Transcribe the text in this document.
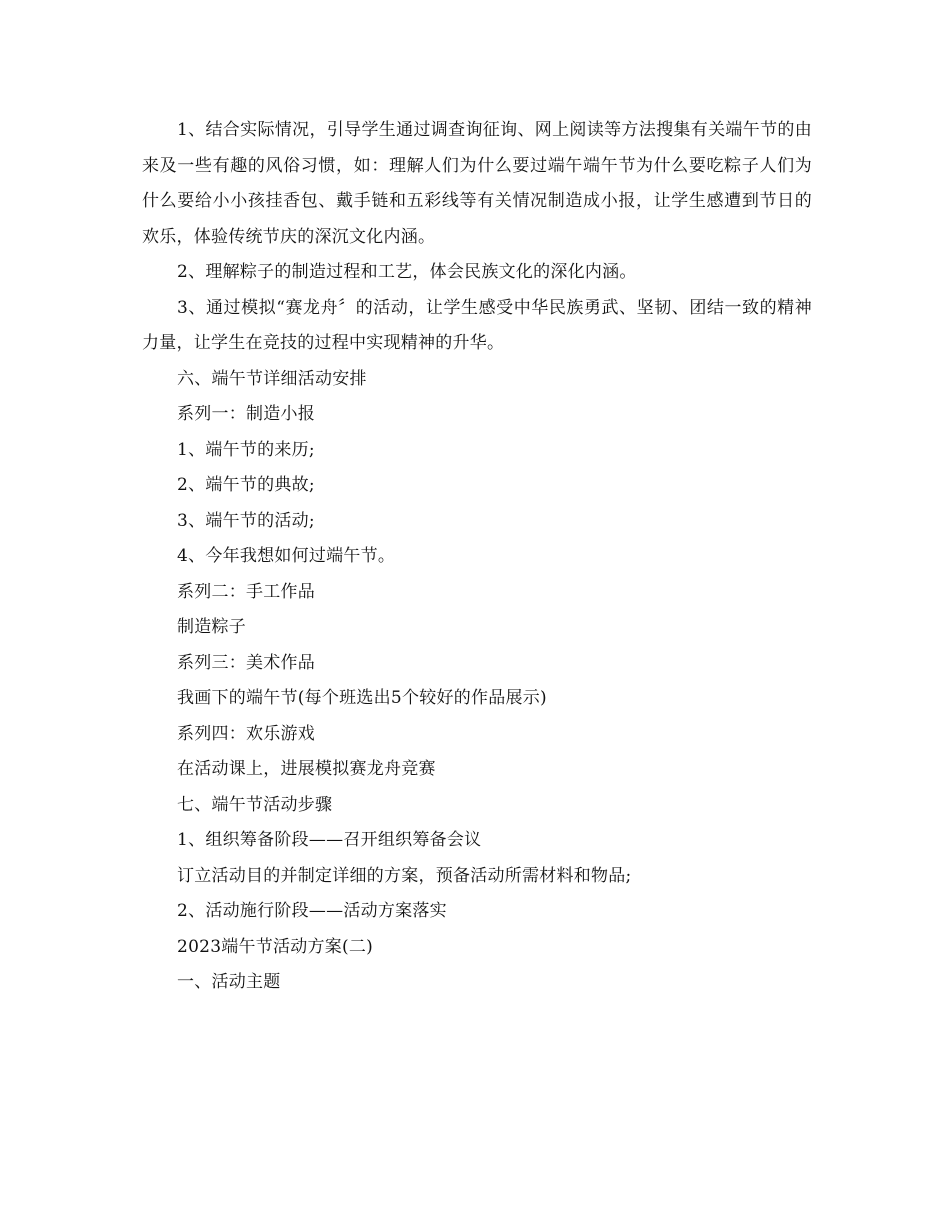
1、结合实际情况，引导学生通过调查询征询、网上阅读等方法搜集有关端午节的由来及一些有趣的风俗习惯，如：理解人们为什么要过端午端午节为什么要吃粽子人们为什么要给小小孩挂香包、戴手链和五彩线等有关情况制造成小报，让学生感遭到节日的欢乐，体验传统节庆的深沉文化内涵。

2、理解粽子的制造过程和工艺，体会民族文化的深化内涵。

3、通过模拟“赛龙舟〞的活动，让学生感受中华民族勇武、坚韧、团结一致的精神力量，让学生在竞技的过程中实现精神的升华。

六、端午节详细活动安排

系列一：制造小报

1、端午节的来历;

2、端午节的典故;

3、端午节的活动;

4、今年我想如何过端午节。

系列二：手工作品

制造粽子

系列三：美术作品

我画下的端午节(每个班选出5个较好的作品展示)

系列四：欢乐游戏

在活动课上，进展模拟赛龙舟竞赛

七、端午节活动步骤

1、组织筹备阶段——召开组织筹备会议

订立活动目的并制定详细的方案，预备活动所需材料和物品;

2、活动施行阶段——活动方案落实

2023端午节活动方案(二)

一、活动主题
